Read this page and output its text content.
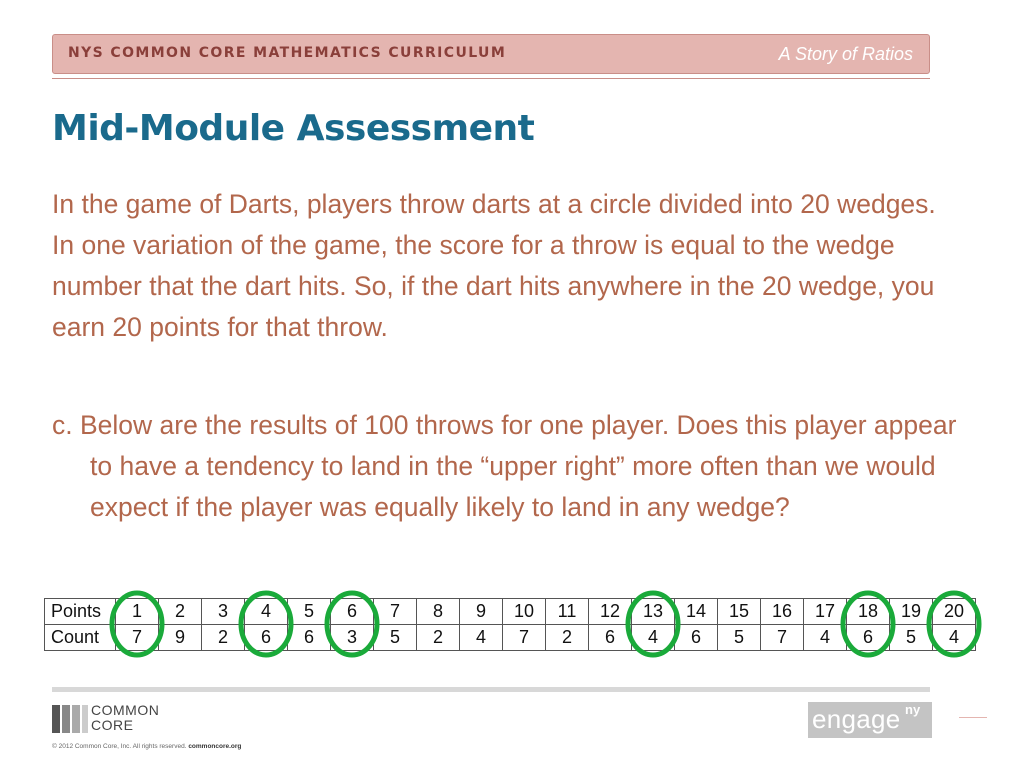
NYS COMMON CORE MATHEMATICS CURRICULUM	A Story of Ratios
Mid-Module Assessment
In the game of Darts, players throw darts at a circle divided into 20 wedges. In one variation of the game, the score for a throw is equal to the wedge number that the dart hits. So, if the dart hits anywhere in the 20 wedge, you earn 20 points for that throw.
c. Below are the results of 100 throws for one player. Does this player appear to have a tendency to land in the “upper right” more often than we would expect if the player was equally likely to land in any wedge?
Points	1	2	3	4	5	6	7	8	9	10	11	12	13	14	15	16	17	18	19	20
Count	7	9	2	6	6	3	5	2	4	7	2	6	4	6	5	7	4	6	5	4
COMMON
CORE
© 2012 Common Core, Inc. All rights reserved. commoncore.org
engage ny
